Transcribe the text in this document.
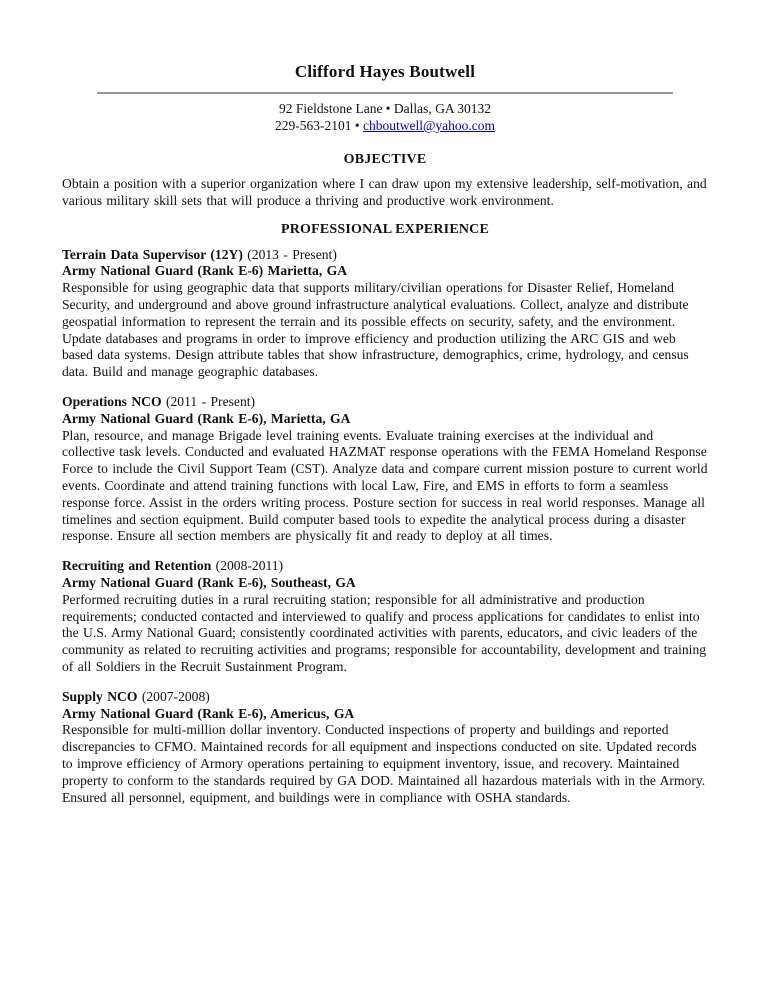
Clifford Hayes Boutwell

92 Fieldstone Lane • Dallas, GA 30132

229-563-2101 • chboutwell@yahoo.com

OBJECTIVE

Obtain a position with a superior organization where I can draw upon my extensive leadership, self-motivation, and various military skill sets that will produce a thriving and productive work environment.

PROFESSIONAL EXPERIENCE
Terrain Data Supervisor (12Y) (2013 - Present)
Army National Guard (Rank E-6) Marietta, GA

Responsible for using geographic data that supports military/civilian operations for Disaster Relief, Homeland Security, and underground and above ground infrastructure analytical evaluations. Collect, analyze and distribute geospatial information to represent the terrain and its possible effects on security, safety, and the environment. Update databases and programs in order to improve efficiency and production utilizing the ARC GIS and web based data systems. Design attribute tables that show infrastructure, demographics, crime, hydrology, and census data. Build and manage geographic databases.

Operations NCO (2011 - Present)
Army National Guard (Rank E-6), Marietta, GA

Plan, resource, and manage Brigade level training events. Evaluate training exercises at the individual and collective task levels. Conducted and evaluated HAZMAT response operations with the FEMA Homeland Response Force to include the Civil Support Team (CST). Analyze data and compare current mission posture to current world events. Coordinate and attend training functions with local Law, Fire, and EMS in efforts to form a seamless response force. Assist in the orders writing process. Posture section for success in real world responses. Manage all timelines and section equipment. Build computer based tools to expedite the analytical process during a disaster response. Ensure all section members are physically fit and ready to deploy at all times.

Recruiting and Retention (2008-2011)
Army National Guard (Rank E-6), Southeast, GA

Performed recruiting duties in a rural recruiting station; responsible for all administrative and production requirements; conducted contacted and interviewed to qualify and process applications for candidates to enlist into the U.S. Army National Guard; consistently coordinated activities with parents, educators, and civic leaders of the community as related to recruiting activities and programs; responsible for accountability, development and training of all Soldiers in the Recruit Sustainment Program.

Supply NCO (2007-2008)
Army National Guard (Rank E-6), Americus, GA

Responsible for multi-million dollar inventory. Conducted inspections of property and buildings and reported discrepancies to CFMO. Maintained records for all equipment and inspections conducted on site. Updated records to improve efficiency of Armory operations pertaining to equipment inventory, issue, and recovery. Maintained property to conform to the standards required by GA DOD. Maintained all hazardous materials with in the Armory. Ensured all personnel, equipment, and buildings were in compliance with OSHA standards.
